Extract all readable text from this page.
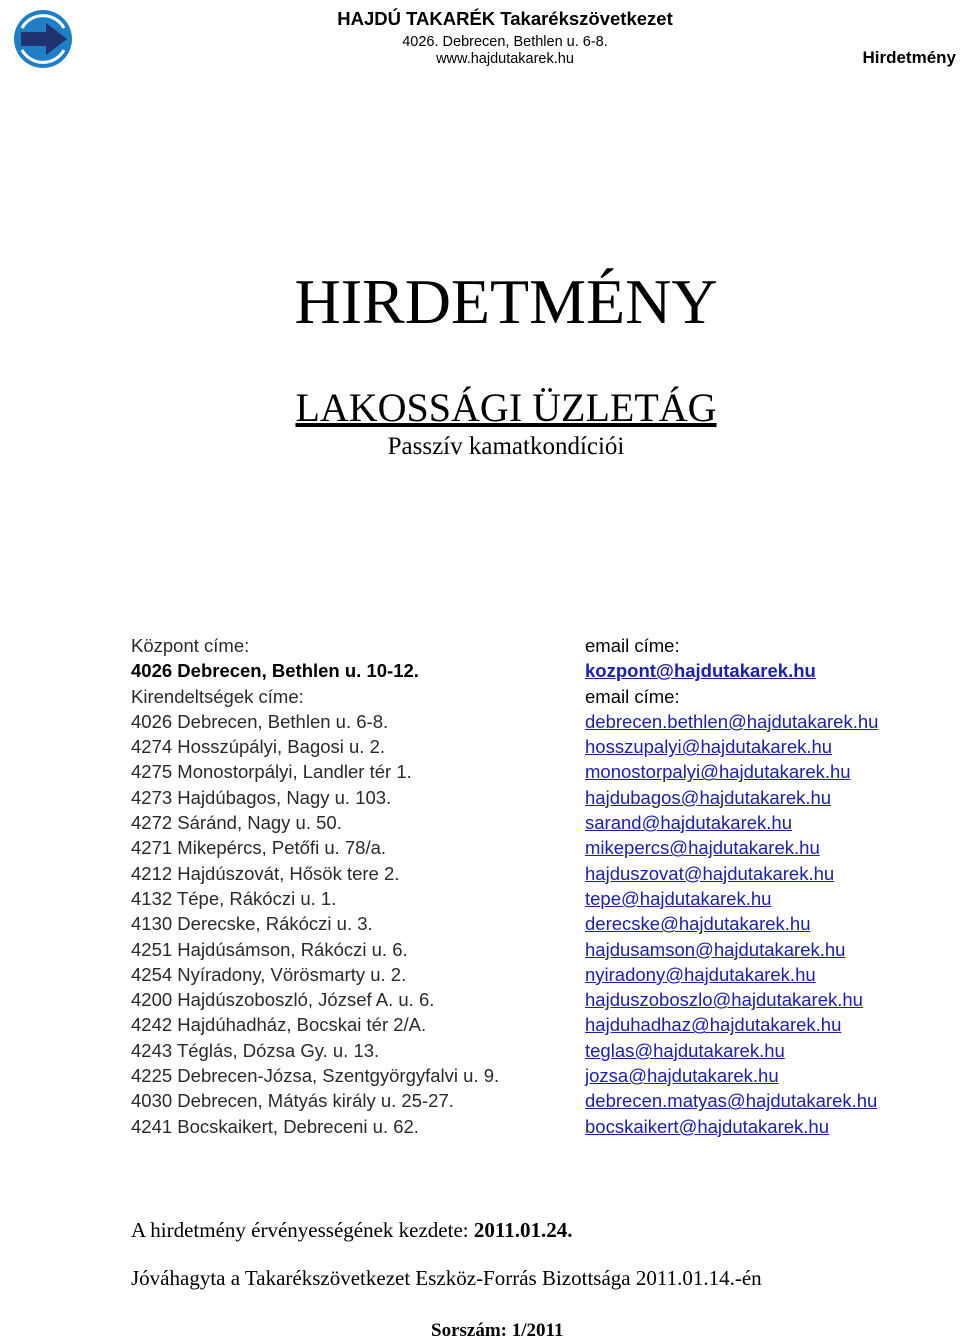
HAJDÚ TAKARÉK Takarékszövetkezet
4026. Debrecen, Bethlen u. 6-8.
www.hajdutakarek.hu	Hirdetmény
HIRDETMÉNY
LAKOSSÁGI ÜZLETÁG
Passzív kamatkondíciói
Központ címe:
4026 Debrecen, Bethlen u. 10-12.
Kirendeltségek címe:
4026 Debrecen, Bethlen u. 6-8.
4274 Hosszúpályi, Bagosi u. 2.
4275 Monostorpályi, Landler tér 1.
4273 Hajdúbagos, Nagy u. 103.
4272 Sáránd, Nagy u. 50.
4271 Mikepércs, Petőfi u. 78/a.
4212 Hajdúszovát, Hősök tere 2.
4132 Tépe, Rákóczi u. 1.
4130 Derecske, Rákóczi u. 3.
4251 Hajdúsámson, Rákóczi u. 6.
4254 Nyíradony, Vörösmarty u. 2.
4200 Hajdúszoboszló, József A. u. 6.
4242 Hajdúhadház, Bocskai tér 2/A.
4243 Téglás, Dózsa Gy. u. 13.
4225 Debrecen-Józsa, Szentgyörgyfalvi u. 9.
4030 Debrecen, Mátyás király u. 25-27.
4241 Bocskaikert, Debreceni u. 62.
email címe:
kozpont@hajdutakarek.hu
email címe:
debrecen.bethlen@hajdutakarek.hu
hosszupalyi@hajdutakarek.hu
monostorpalyi@hajdutakarek.hu
hajdubagos@hajdutakarek.hu
sarand@hajdutakarek.hu
mikepercs@hajdutakarek.hu
hajduszovat@hajdutakarek.hu
tepe@hajdutakarek.hu
derecske@hajdutakarek.hu
hajdusamson@hajdutakarek.hu
nyiradony@hajdutakarek.hu
hajduszoboszlo@hajdutakarek.hu
hajduhadhaz@hajdutakarek.hu
teglas@hajdutakarek.hu
jozsa@hajdutakarek.hu
debrecen.matyas@hajdutakarek.hu
bocskaikert@hajdutakarek.hu
A hirdetmény érvényességének kezdete: 2011.01.24.
Jóváhagyta a Takarékszövetkezet Eszköz-Forrás Bizottsága 2011.01.14.-én
Sorszám: 1/2011
